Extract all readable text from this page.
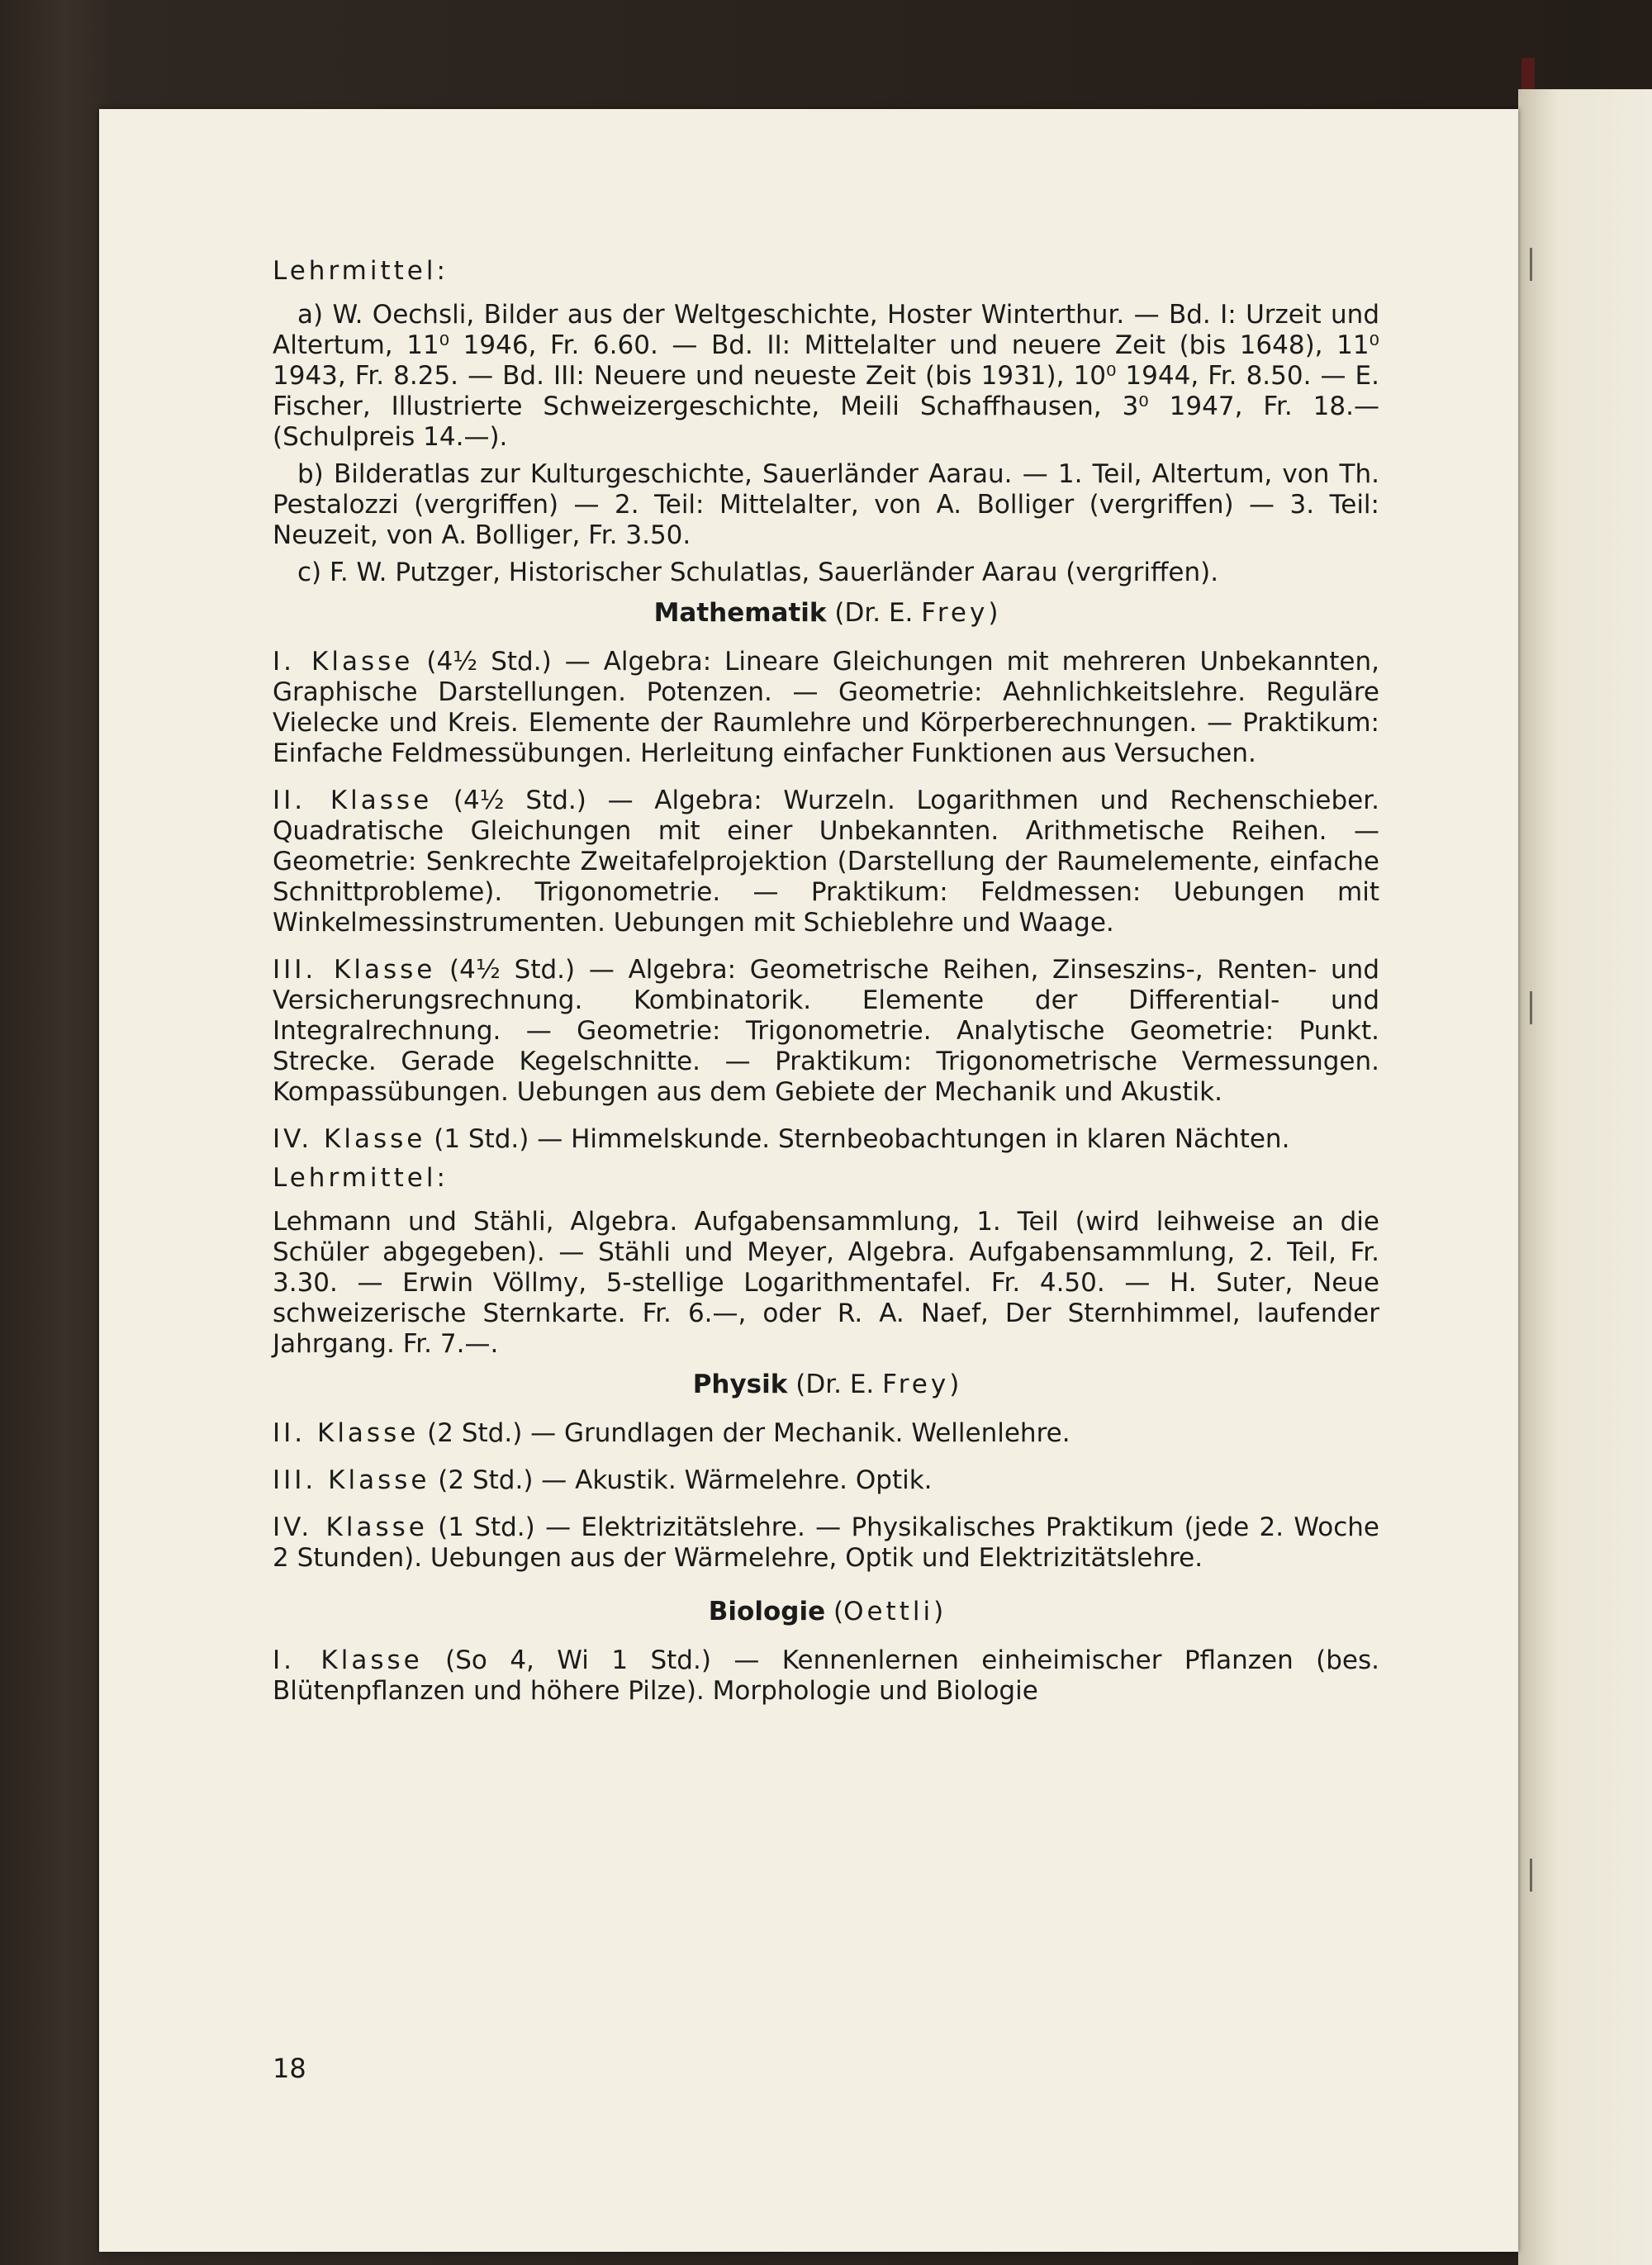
Lehrmittel:

a) W. Oechsli, Bilder aus der Weltgeschichte, Hoster Winterthur. — Bd. I: Urzeit und Altertum, 11⁰ 1946, Fr. 6.60. — Bd. II: Mittelalter und neuere Zeit (bis 1648), 11⁰ 1943, Fr. 8.25. — Bd. III: Neuere und neueste Zeit (bis 1931), 10⁰ 1944, Fr. 8.50. — E. Fischer, Illustrierte Schweizergeschichte, Meili Schaffhausen, 3⁰ 1947, Fr. 18.— (Schulpreis 14.—).

b) Bilderatlas zur Kulturgeschichte, Sauerländer Aarau. — 1. Teil, Altertum, von Th. Pestalozzi (vergriffen) — 2. Teil: Mittelalter, von A. Bolliger (vergriffen) — 3. Teil: Neuzeit, von A. Bolliger, Fr. 3.50.

c) F. W. Putzger, Historischer Schulatlas, Sauerländer Aarau (vergriffen).

Mathematik (Dr. E. Frey)

I. Klasse (4½ Std.) — Algebra: Lineare Gleichungen mit mehreren Unbekannten, Graphische Darstellungen. Potenzen. — Geometrie: Aehnlichkeitslehre. Reguläre Vielecke und Kreis. Elemente der Raumlehre und Körperberechnungen. — Praktikum: Einfache Feldmessübungen. Herleitung einfacher Funktionen aus Versuchen.

II. Klasse (4½ Std.) — Algebra: Wurzeln. Logarithmen und Rechenschieber. Quadratische Gleichungen mit einer Unbekannten. Arithmetische Reihen. — Geometrie: Senkrechte Zweitafelprojektion (Darstellung der Raumelemente, einfache Schnittprobleme). Trigonometrie. — Praktikum: Feldmessen: Uebungen mit Winkelmessinstrumenten. Uebungen mit Schieblehre und Waage.

III. Klasse (4½ Std.) — Algebra: Geometrische Reihen, Zinseszins-, Renten- und Versicherungsrechnung. Kombinatorik. Elemente der Differential- und Integralrechnung. — Geometrie: Trigonometrie. Analytische Geometrie: Punkt. Strecke. Gerade Kegelschnitte. — Praktikum: Trigonometrische Vermessungen. Kompassübungen. Uebungen aus dem Gebiete der Mechanik und Akustik.

IV. Klasse (1 Std.) — Himmelskunde. Sternbeobachtungen in klaren Nächten.

Lehrmittel:

Lehmann und Stähli, Algebra. Aufgabensammlung, 1. Teil (wird leihweise an die Schüler abgegeben). — Stähli und Meyer, Algebra. Aufgabensammlung, 2. Teil, Fr. 3.30. — Erwin Völlmy, 5-stellige Logarithmentafel. Fr. 4.50. — H. Suter, Neue schweizerische Sternkarte. Fr. 6.—, oder R. A. Naef, Der Sternhimmel, laufender Jahrgang. Fr. 7.—.

Physik (Dr. E. Frey)

II. Klasse (2 Std.) — Grundlagen der Mechanik. Wellenlehre.

III. Klasse (2 Std.) — Akustik. Wärmelehre. Optik.

IV. Klasse (1 Std.) — Elektrizitätslehre. — Physikalisches Praktikum (jede 2. Woche 2 Stunden). Uebungen aus der Wärmelehre, Optik und Elektrizitätslehre.

Biologie (Oettli)

I. Klasse (So 4, Wi 1 Std.) — Kennenlernen einheimischer Pflanzen (bes. Blütenpflanzen und höhere Pilze). Morphologie und Biologie

18
